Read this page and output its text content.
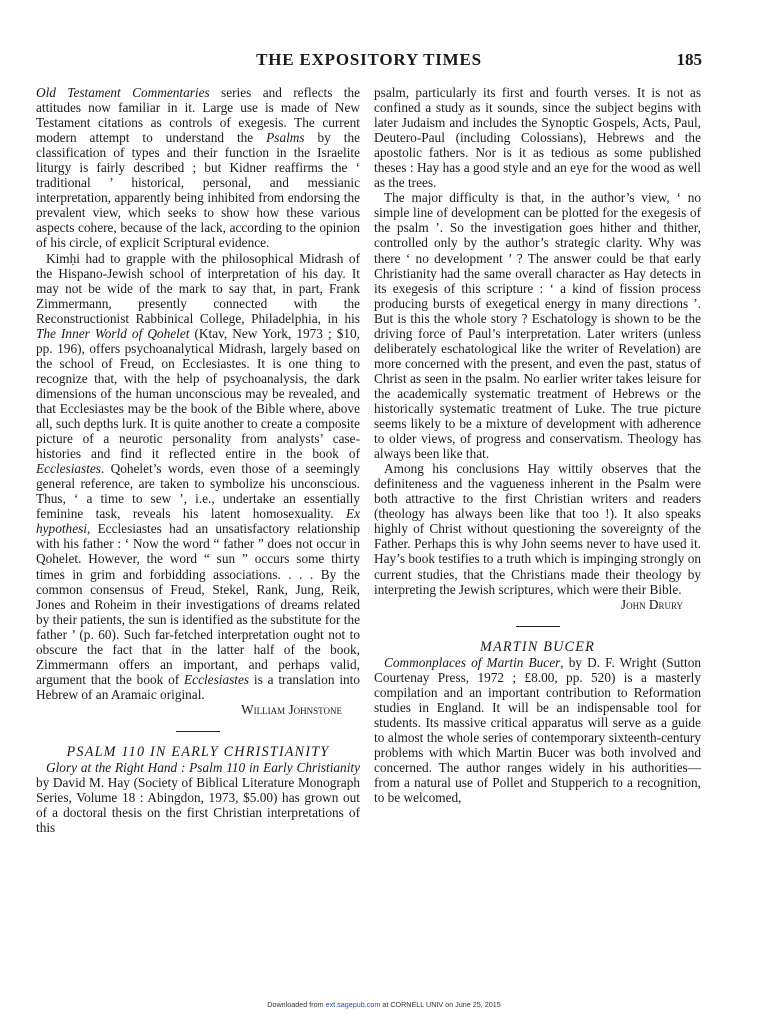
THE EXPOSITORY TIMES	185

Old Testament Commentaries series and reflects the attitudes now familiar in it. Large use is made of New Testament citations as controls of exegesis. The current modern attempt to understand the Psalms by the classification of types and their function in the Israelite liturgy is fairly described ; but Kidner reaffirms the ‘ traditional ’ historical, personal, and messianic interpretation, apparently being inhibited from endorsing the prevalent view, which seeks to show how these various aspects cohere, because of the lack, according to the opinion of his circle, of explicit Scriptural evidence.

Kimḥi had to grapple with the philosophical Midrash of the Hispano-Jewish school of interpretation of his day. It may not be wide of the mark to say that, in part, Frank Zimmermann, presently connected with the Reconstructionist Rabbinical College, Philadelphia, in his The Inner World of Qohelet (Ktav, New York, 1973 ; $10, pp. 196), offers psychoanalytical Midrash, largely based on the school of Freud, on Ecclesiastes. It is one thing to recognize that, with the help of psychoanalysis, the dark dimensions of the human unconscious may be revealed, and that Ecclesiastes may be the book of the Bible where, above all, such depths lurk. It is quite another to create a composite picture of a neurotic personality from analysts’ case-histories and find it reflected entire in the book of Ecclesiastes. Qohelet’s words, even those of a seemingly general reference, are taken to symbolize his unconscious. Thus, ‘ a time to sew ’, i.e., undertake an essentially feminine task, reveals his latent homosexuality. Ex hypothesi, Ecclesiastes had an unsatisfactory relationship with his father : ‘ Now the word “ father ” does not occur in Qohelet. However, the word “ sun ” occurs some thirty times in grim and forbidding associations. . . . By the common consensus of Freud, Stekel, Rank, Jung, Reik, Jones and Roheim in their investigations of dreams related by their patients, the sun is identified as the substitute for the father ’ (p. 60). Such far-fetched interpretation ought not to obscure the fact that in the latter half of the book, Zimmermann offers an important, and perhaps valid, argument that the book of Ecclesiastes is a translation into Hebrew of an Aramaic original.

William Johnstone

PSALM 110 IN EARLY CHRISTIANITY

Glory at the Right Hand : Psalm 110 in Early Christianity by David M. Hay (Society of Biblical Literature Monograph Series, Volume 18 : Abingdon, 1973, $5.00) has grown out of a doctoral thesis on the first Christian interpretations of this

psalm, particularly its first and fourth verses. It is not as confined a study as it sounds, since the subject begins with later Judaism and includes the Synoptic Gospels, Acts, Paul, Deutero-Paul (including Colossians), Hebrews and the apostolic fathers. Nor is it as tedious as some published theses : Hay has a good style and an eye for the wood as well as the trees.

The major difficulty is that, in the author’s view, ‘ no simple line of development can be plotted for the exegesis of the psalm ’. So the investigation goes hither and thither, controlled only by the author’s strategic clarity. Why was there ‘ no development ’ ? The answer could be that early Christianity had the same overall character as Hay detects in its exegesis of this scripture : ‘ a kind of fission process producing bursts of exegetical energy in many directions ’. But is this the whole story ? Eschatology is shown to be the driving force of Paul’s interpretation. Later writers (unless deliberately eschatological like the writer of Revelation) are more concerned with the present, and even the past, status of Christ as seen in the psalm. No earlier writer takes leisure for the academically systematic treatment of Hebrews or the historically systematic treatment of Luke. The true picture seems likely to be a mixture of development with adherence to older views, of progress and conservatism. Theology has always been like that.

Among his conclusions Hay wittily observes that the definiteness and the vagueness inherent in the Psalm were both attractive to the first Christian writers and readers (theology has always been like that too !). It also speaks highly of Christ without questioning the sovereignty of the Father. Perhaps this is why John seems never to have used it. Hay’s book testifies to a truth which is impinging strongly on current studies, that the Christians made their theology by interpreting the Jewish scriptures, which were their Bible.

John Drury

MARTIN BUCER

Commonplaces of Martin Bucer, by D. F. Wright (Sutton Courtenay Press, 1972 ; £8.00, pp. 520) is a masterly compilation and an important contribution to Reformation studies in England. It will be an indispensable tool for students. Its massive critical apparatus will serve as a guide to almost the whole series of contemporary sixteenth-century problems with which Martin Bucer was both involved and concerned. The author ranges widely in his authorities—from a natural use of Pollet and Stupperich to a recognition, to be welcomed,

Downloaded from ext.sagepub.com at CORNELL UNIV on June 25, 2015
